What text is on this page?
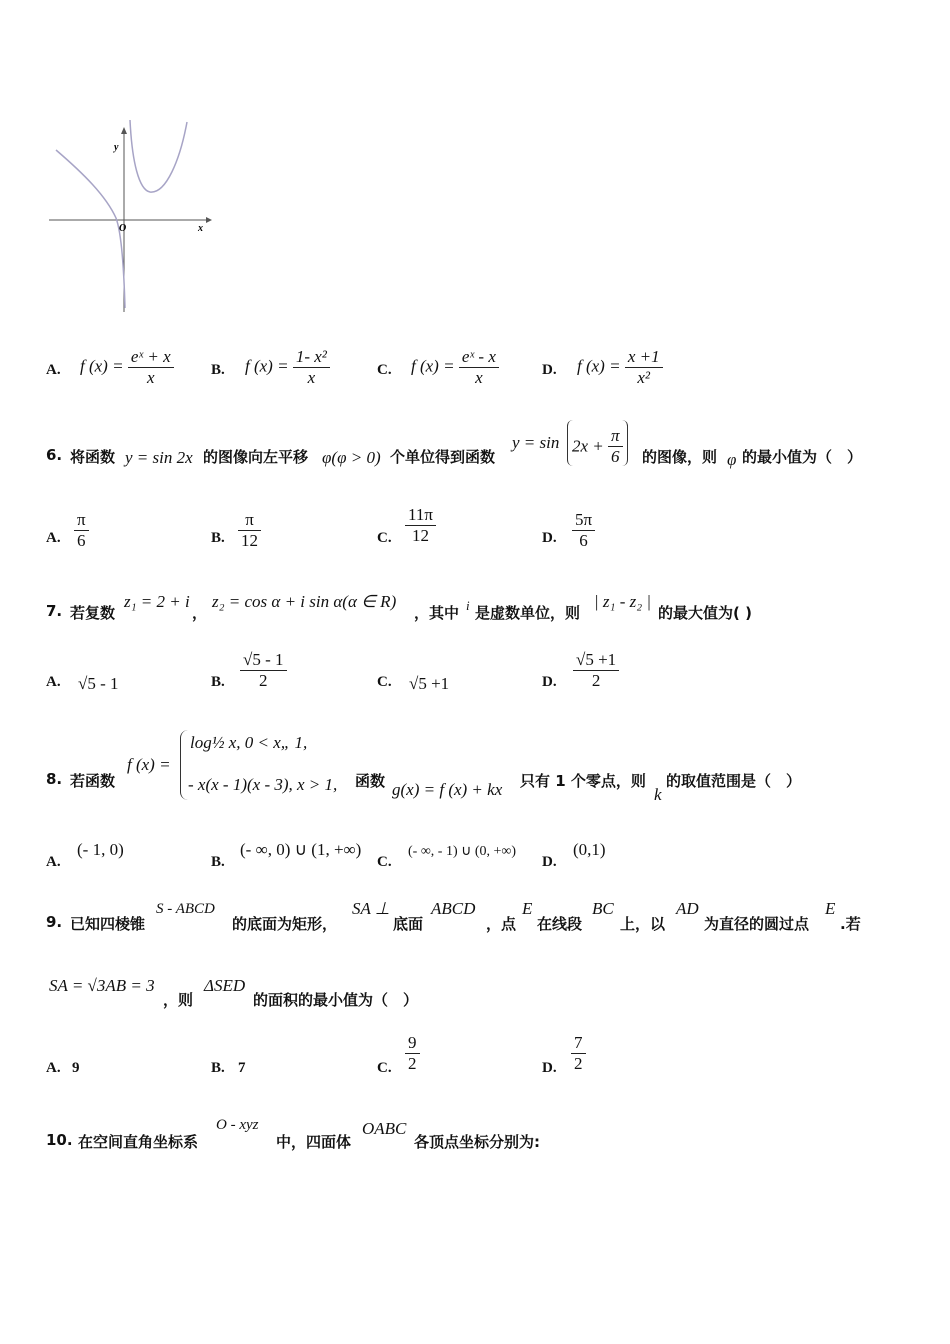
y
x
O
A. f $(x) = \frac{\text{eˣ + x}}{x} B$. f $(x) = \frac{\text{1- x²}}{x}$	C. f $(x) = \frac{\text{eˣ - x}}{x}$	D. f $(x) = \frac{x +1}{\text{x²}}$
6. 将函数 y = sin 2x 的图像向左平移 φ(φ > 0) 个单位得到函数
$y = \sin 2x + \frac{\pi}{6}$ 的图像，则 φ 的最小值为（　）
A. $\frac{\pi}{6}$	B. $\frac{\pi}{12}$	C. $\frac{11\pi}{12}$	D. $\frac{5\pi}{6}$
7. 若复数
z₁ = 2 + i
，
z₂ = cos α + i sin α(α ∈ R)
，其中 i 是虚数单位，则
| z₁ - z₂ |
的最大值为( )
A. √5 - 1	B. $\frac{√5 - 1}{2}$	C. √5 +1	D. $\frac{√5 +1}{2}$
8. 若函数
f (x) =
log½ x, 0 < x„ 1,
- x(x - 1)(x - 3), x > 1, 函数 g(x) = f (x) + kx 只有 1 个零点，则
k
的取值范围是（　）
A.
(- 1, 0)
B.
(- ∞, 0) ∪ (1, +∞)
C.
(- ∞, - 1) ∪ (0, +∞)
D.
(0,1)
9. 已知四棱锥
S - ABCD
的底面为矩形，
SA ⊥
底面
ABCD
，点
E
在线段
BC
上，以
AD
为直径的圆过点
E
.若
SA = √3AB = 3
，则
ΔSED
的面积的最小值为（　）
A. 9	B. 7	C. $\frac{9}{2}$	D. $\frac{7}{2}$
10. 在空间直角坐标系
O - xyz
中，四面体
OABC
各顶点坐标分别为:
